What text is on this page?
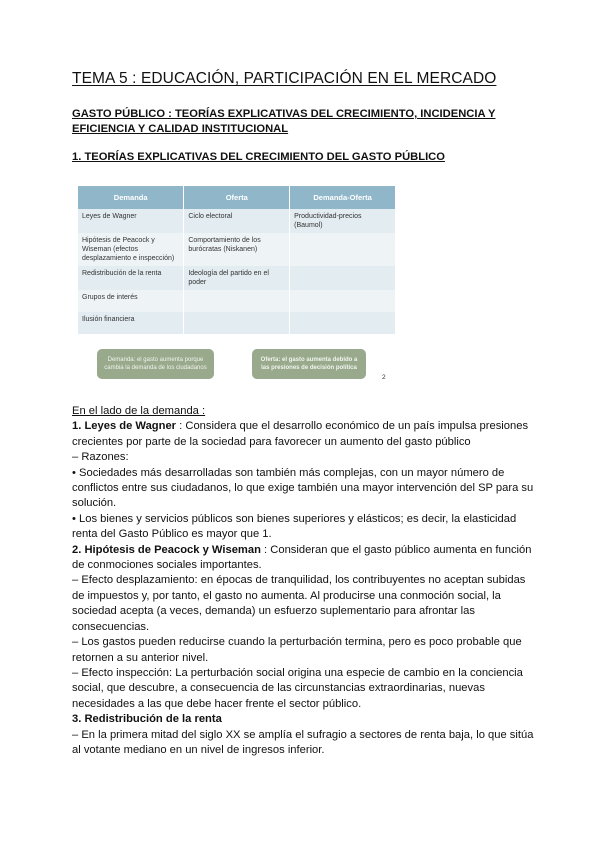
TEMA 5 : EDUCACIÓN, PARTICIPACIÓN EN EL MERCADO
GASTO PÚBLICO : TEORÍAS EXPLICATIVAS DEL CRECIMIENTO, INCIDENCIA Y EFICIENCIA Y CALIDAD INSTITUCIONAL
1. TEORÍAS EXPLICATIVAS DEL CRECIMIENTO DEL GASTO PÚBLICO
Demanda	Oferta	Demanda-Oferta
Leyes de Wagner	Ciclo electoral	Productividad-precios (Baumol)
Hipótesis de Peacock y Wiseman (efectos desplazamiento e inspección)	Comportamiento de los burócratas (Niskanen)	
Redistribución de la renta	Ideología del partido en el poder	
Grupos de interés		
Ilusión financiera		
Demanda: el gasto aumenta porque cambia la demanda de los ciudadanos
Oferta: el gasto aumenta debido a las presiones de decisión política
2

En el lado de la demanda :

1. Leyes de Wagner : Considera que el desarrollo económico de un país impulsa presiones crecientes por parte de la sociedad para favorecer un aumento del gasto público

– Razones:

• Sociedades más desarrolladas son también más complejas, con un mayor número de conflictos entre sus ciudadanos, lo que exige también una mayor intervención del SP para su solución.

• Los bienes y servicios públicos son bienes superiores y elásticos; es decir, la elasticidad renta del Gasto Público es mayor que 1.

2. Hipótesis de Peacock y Wiseman : Consideran que el gasto público aumenta en función de conmociones sociales importantes.

– Efecto desplazamiento: en épocas de tranquilidad, los contribuyentes no aceptan subidas de impuestos y, por tanto, el gasto no aumenta. Al producirse una conmoción social, la sociedad acepta (a veces, demanda) un esfuerzo suplementario para afrontar las consecuencias.

– Los gastos pueden reducirse cuando la perturbación termina, pero es poco probable que retornen a su anterior nivel.

– Efecto inspección: La perturbación social origina una especie de cambio en la conciencia social, que descubre, a consecuencia de las circunstancias extraordinarias, nuevas necesidades a las que debe hacer frente el sector público.

3. Redistribución de la renta

– En la primera mitad del siglo XX se amplía el sufragio a sectores de renta baja, lo que sitúa al votante mediano en un nivel de ingresos inferior.
